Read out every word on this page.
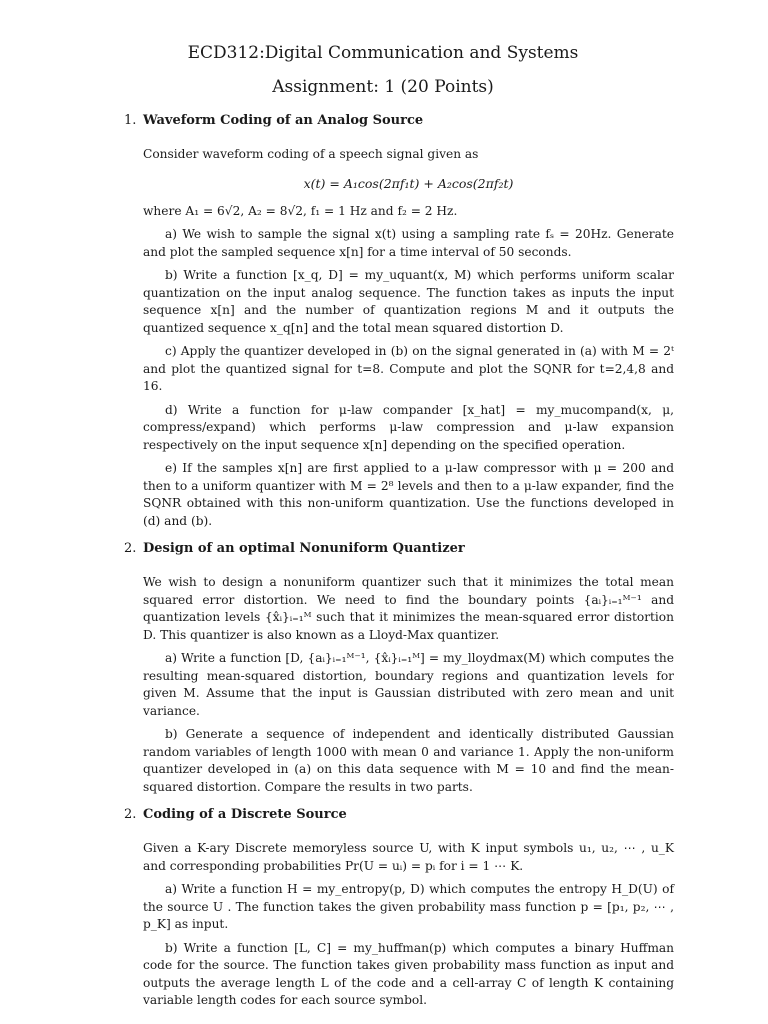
ECD312:Digital Communication and Systems
Assignment: 1 (20 Points)
1. Waveform Coding of an Analog Source

Consider waveform coding of a speech signal given as

x(t) = A₁cos(2πf₁t) + A₂cos(2πf₂t)

where A₁ = 6√2, A₂ = 8√2, f₁ = 1 Hz and f₂ = 2 Hz.

a) We wish to sample the signal x(t) using a sampling rate fₛ = 20Hz. Generate and plot the sampled sequence x[n] for a time interval of 50 seconds.

b) Write a function [x_q, D] = my_uquant(x, M) which performs uniform scalar quantization on the input analog sequence. The function takes as inputs the input sequence x[n] and the number of quantization regions M and it outputs the quantized sequence x_q[n] and the total mean squared distortion D.

c) Apply the quantizer developed in (b) on the signal generated in (a) with M = 2ᵗ and plot the quantized signal for t=8. Compute and plot the SQNR for t=2,4,8 and 16.

d) Write a function for μ-law compander [x_hat] = my_mucompand(x, μ, compress/expand) which performs μ-law compression and μ-law expansion respectively on the input sequence x[n] depending on the specified operation.

e) If the samples x[n] are first applied to a μ-law compressor with μ = 200 and then to a uniform quantizer with M = 2⁸ levels and then to a μ-law expander, find the SQNR obtained with this non-uniform quantization. Use the functions developed in (d) and (b).

2. Design of an optimal Nonuniform Quantizer

We wish to design a nonuniform quantizer such that it minimizes the total mean squared error distortion. We need to find the boundary points {aᵢ}ᵢ₌₁ᴹ⁻¹ and quantization levels {x̂ᵢ}ᵢ₌₁ᴹ such that it minimizes the mean-squared error distortion D. This quantizer is also known as a Lloyd-Max quantizer.

a) Write a function [D, {aᵢ}ᵢ₌₁ᴹ⁻¹, {x̂ᵢ}ᵢ₌₁ᴹ] = my_lloydmax(M) which computes the resulting mean-squared distortion, boundary regions and quantization levels for given M. Assume that the input is Gaussian distributed with zero mean and unit variance.

b) Generate a sequence of independent and identically distributed Gaussian random variables of length 1000 with mean 0 and variance 1. Apply the non-uniform quantizer developed in (a) on this data sequence with M = 10 and find the mean-squared distortion. Compare the results in two parts.

2. Coding of a Discrete Source

Given a K-ary Discrete memoryless source U, with K input symbols u₁, u₂, ⋯ , u_K and corresponding probabilities Pr(U = uᵢ) = pᵢ for i = 1 ⋯ K.

a) Write a function H = my_entropy(p, D) which computes the entropy H_D(U) of the source U . The function takes the given probability mass function p = [p₁, p₂, ⋯ , p_K] as input.

b) Write a function [L, C] = my_huffman(p) which computes a binary Huffman code for the source. The function takes given probability mass function as input and outputs the average length L of the code and a cell-array C of length K containing variable length codes for each source symbol.
